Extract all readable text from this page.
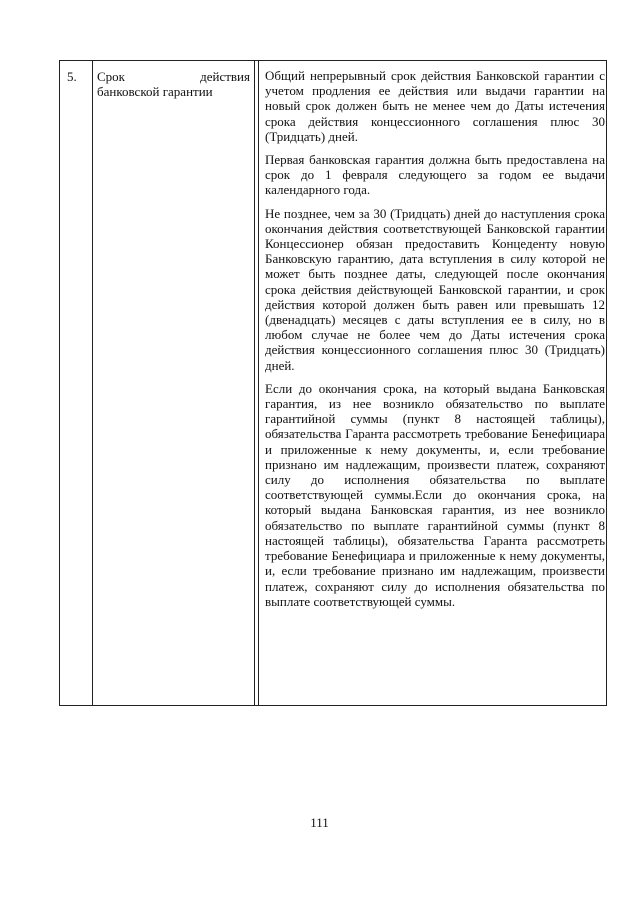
5. Срок	действия
банковской гарантии

Общий непрерывный срок действия Банковской гарантии с учетом продления ее действия или выдачи гарантии на новый срок должен быть не менее чем до Даты истечения срока действия концессионного соглашения плюс 30 (Тридцать) дней.

Первая банковская гарантия должна быть предоставлена на срок до 1 февраля следующего за годом ее выдачи календарного года.

Не позднее, чем за 30 (Тридцать) дней до наступления срока окончания действия соответствующей Банковской гарантии Концессионер обязан предоставить Концеденту новую Банковскую гарантию, дата вступления в силу которой не может быть позднее даты, следующей после окончания срока действия действующей Банковской гарантии, и срок действия которой должен быть равен или превышать 12 (двенадцать) месяцев с даты вступления ее в силу, но в любом случае не более чем до Даты истечения срока действия концессионного соглашения плюс 30 (Тридцать) дней.

Если до окончания срока, на который выдана Банковская гарантия, из нее возникло обязательство по выплате гарантийной суммы (пункт 8 настоящей таблицы), обязательства Гаранта рассмотреть требование Бенефициара и приложенные к нему документы, и, если требование признано им надлежащим, произвести платеж, сохраняют силу до исполнения обязательства по выплате соответствующей суммы.Если до окончания срока, на который выдана Банковская гарантия, из нее возникло обязательство по выплате гарантийной суммы (пункт 8 настоящей таблицы), обязательства Гаранта рассмотреть требование Бенефициара и приложенные к нему документы, и, если требование признано им надлежащим, произвести платеж, сохраняют силу до исполнения обязательства по выплате соответствующей суммы.

111
